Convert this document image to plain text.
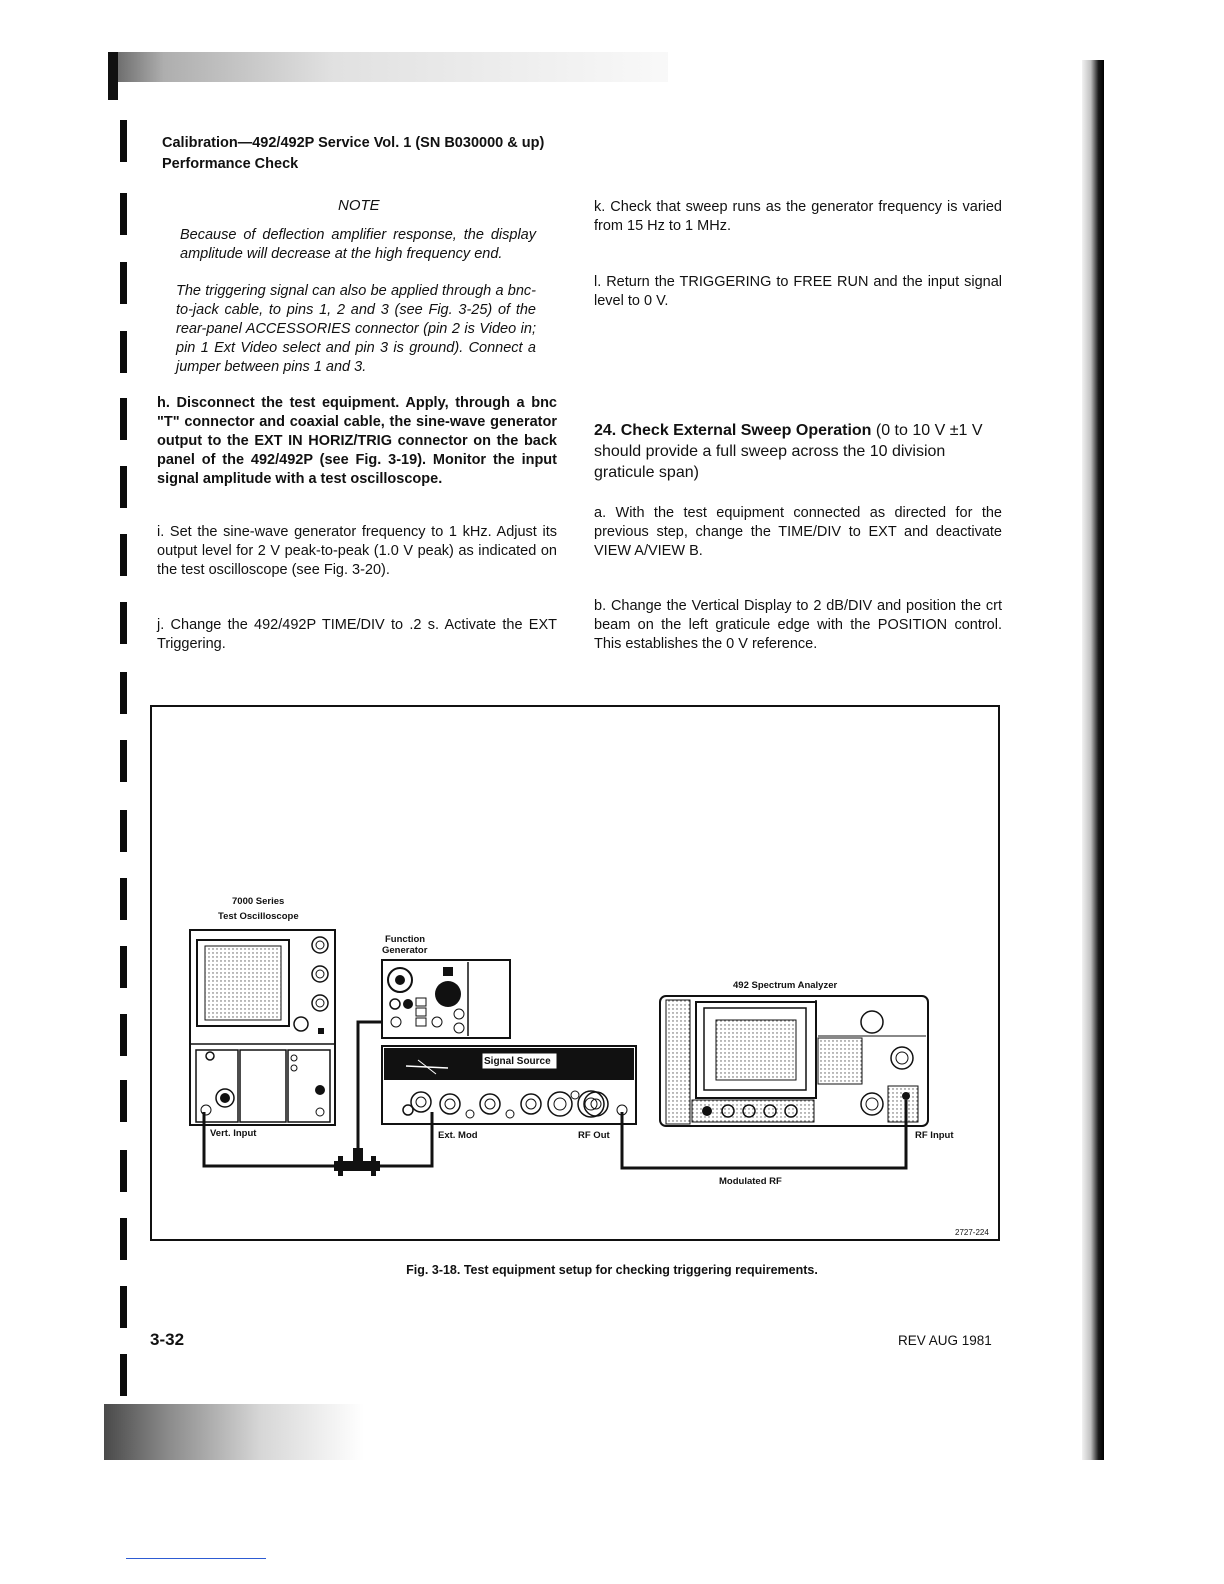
Calibration—492/492P Service Vol. 1 (SN B030000 & up)
Performance Check
NOTE
Because of deflection amplifier response, the display amplitude will decrease at the high frequency end.
The triggering signal can also be applied through a bnc-to-jack cable, to pins 1, 2 and 3 (see Fig. 3-25) of the rear-panel ACCESSORIES connector (pin 2 is Video in; pin 1 Ext Video select and pin 3 is ground). Connect a jumper between pins 1 and 3.
h. Disconnect the test equipment. Apply, through a bnc "T" connector and coaxial cable, the sine-wave generator output to the EXT IN HORIZ/TRIG connector on the back panel of the 492/492P (see Fig. 3-19). Monitor the input signal amplitude with a test oscilloscope.
i. Set the sine-wave generator frequency to 1 kHz. Adjust its output level for 2 V peak-to-peak (1.0 V peak) as indicated on the test oscilloscope (see Fig. 3-20).
j. Change the 492/492P TIME/DIV to .2 s. Activate the EXT Triggering.
k. Check that sweep runs as the generator frequency is varied from 15 Hz to 1 MHz.
l. Return the TRIGGERING to FREE RUN and the input signal level to 0 V.
24. Check External Sweep Operation (0 to 10 V ±1 V should provide a full sweep across the 10 division graticule span)
a. With the test equipment connected as directed for the previous step, change the TIME/DIV to EXT and deactivate VIEW A/VIEW B.
b. Change the Vertical Display to 2 dB/DIV and position the crt beam on the left graticule edge with the POSITION control. This establishes the 0 V reference.
7000 Series
Test Oscilloscope
Function
Generator
492 Spectrum Analyzer
Signal Source
Vert. Input	Ext. Mod	RF Out	RF Input
Modulated RF
2727-224
Fig. 3-18. Test equipment setup for checking triggering requirements.
3-32	REV AUG 1981
